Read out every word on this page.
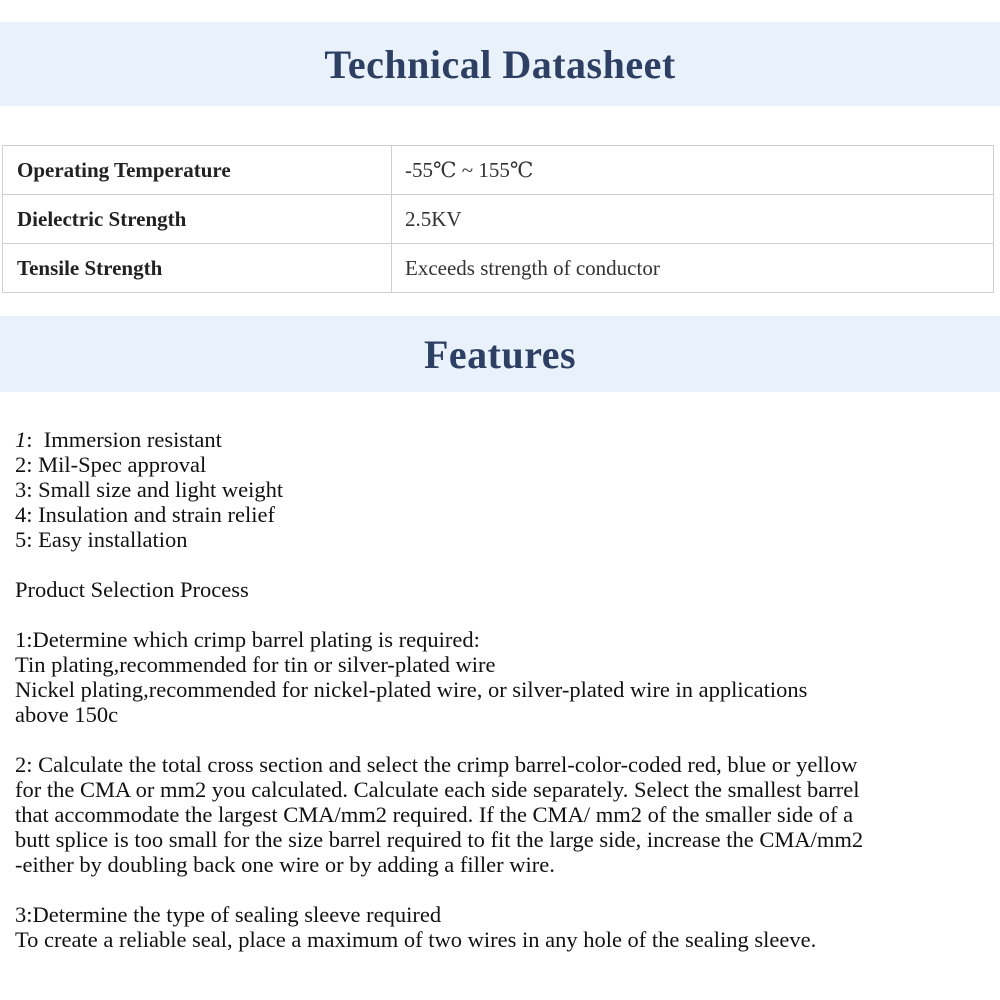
Technical Datasheet
Operating Temperature	-55℃ ~ 155℃
Dielectric Strength	2.5KV
Tensile Strength	Exceeds strength of conductor
Features
1:  Immersion resistant
2: Mil-Spec approval
3: Small size and light weight
4: Insulation and strain relief
5: Easy installation
Product Selection Process
1:Determine which crimp barrel plating is required:
Tin plating,recommended for tin or silver-plated wire
Nickel plating,recommended for nickel-plated wire, or silver-plated wire in applications
above 150c
2: Calculate the total cross section and select the crimp barrel-color-coded red, blue or yellow
for the CMA or mm2 you calculated. Calculate each side separately. Select the smallest barrel
that accommodate the largest CMA/mm2 required. If the CMA/ mm2 of the smaller side of a
butt splice is too small for the size barrel required to fit the large side, increase the CMA/mm2
-either by doubling back one wire or by adding a filler wire.
3:Determine the type of sealing sleeve required
To create a reliable seal, place a maximum of two wires in any hole of the sealing sleeve.
